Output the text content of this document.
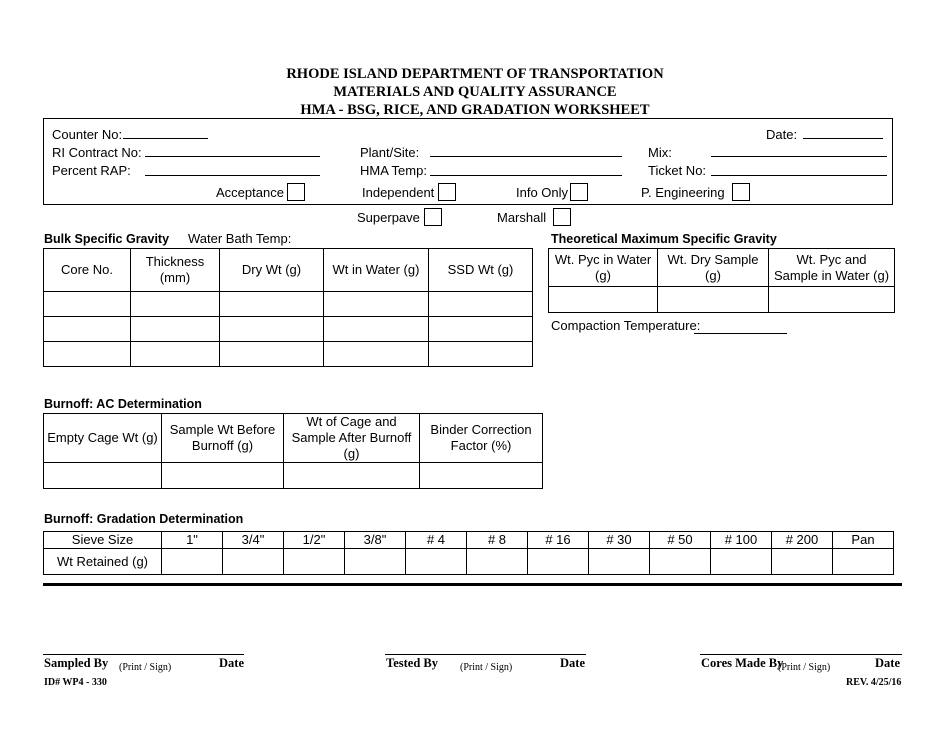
RHODE ISLAND DEPARTMENT OF TRANSPORTATION
MATERIALS AND QUALITY ASSURANCE
HMA - BSG, RICE, AND GRADATION WORKSHEET
Counter No:
RI Contract No:
Percent RAP:
Plant/Site:
HMA Temp:
Date:
Mix:
Ticket No:
Acceptance	Independent	Info Only	P. Engineering
Superpave	Marshall
Bulk Specific Gravity Water Bath Temp:
Core No.	Thickness (mm)	Dry Wt (g)	Wt in Water (g)	SSD Wt (g)

Theoretical Maximum Specific Gravity
Wt. Pyc in Water (g)	Wt. Dry Sample (g)	Wt. Pyc and Sample in Water (g)

Compaction Temperature:
Burnoff: AC Determination
Empty Cage Wt (g)	Sample Wt Before Burnoff (g)	Wt of Cage and Sample After Burnoff (g)	Binder Correction Factor (%)

Burnoff: Gradation Determination
Sieve Size	1"	3/4"	1/2"	3/8"	# 4	# 8	# 16	# 30	# 50	# 100	# 200	Pan
Wt Retained (g)												
Sampled By (Print / Sign)	Date	Tested By (Print / Sign)	Date	Cores Made By
(Print / Sign)	Date
ID# WP4 - 330	REV. 4/25/16
